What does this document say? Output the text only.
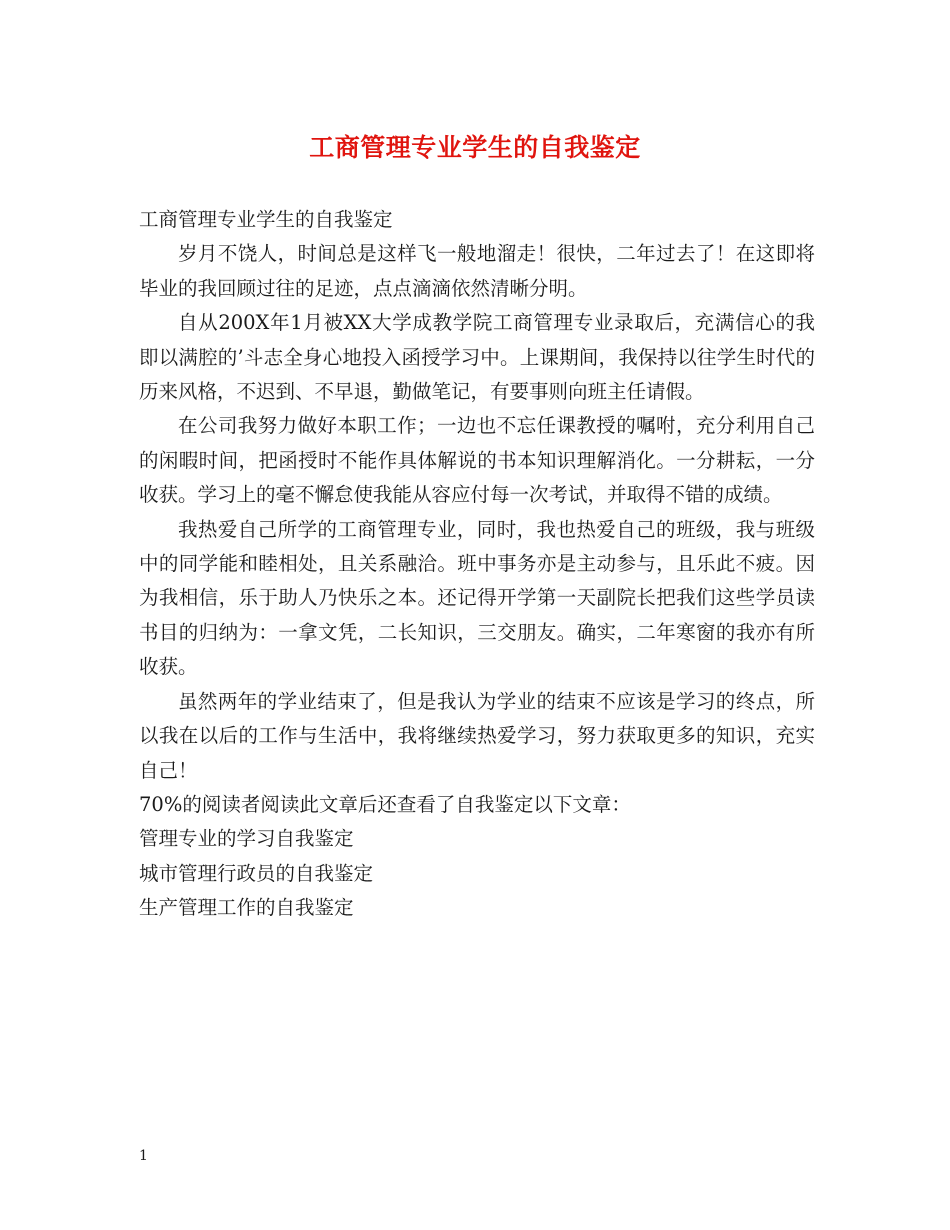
工商管理专业学生的自我鉴定

工商管理专业学生的自我鉴定

岁月不饶人，时间总是这样飞一般地溜走！很快，二年过去了！在这即将毕业的我回顾过往的足迹，点点滴滴依然清晰分明。

自从200X年1月被XX大学成教学院工商管理专业录取后，充满信心的我即以满腔的’斗志全身心地投入函授学习中。上课期间，我保持以往学生时代的历来风格，不迟到、不早退，勤做笔记，有要事则向班主任请假。

在公司我努力做好本职工作；一边也不忘任课教授的嘱咐，充分利用自己的闲暇时间，把函授时不能作具体解说的书本知识理解消化。一分耕耘，一分收获。学习上的毫不懈怠使我能从容应付每一次考试，并取得不错的成绩。

我热爱自己所学的工商管理专业，同时，我也热爱自己的班级，我与班级中的同学能和睦相处，且关系融洽。班中事务亦是主动参与，且乐此不疲。因为我相信，乐于助人乃快乐之本。还记得开学第一天副院长把我们这些学员读书目的归纳为：一拿文凭，二长知识，三交朋友。确实，二年寒窗的我亦有所收获。

虽然两年的学业结束了，但是我认为学业的结束不应该是学习的终点，所以我在以后的工作与生活中，我将继续热爱学习，努力获取更多的知识，充实自己！

70%的阅读者阅读此文章后还查看了自我鉴定以下文章：

管理专业的学习自我鉴定

城市管理行政员的自我鉴定

生产管理工作的自我鉴定

1
